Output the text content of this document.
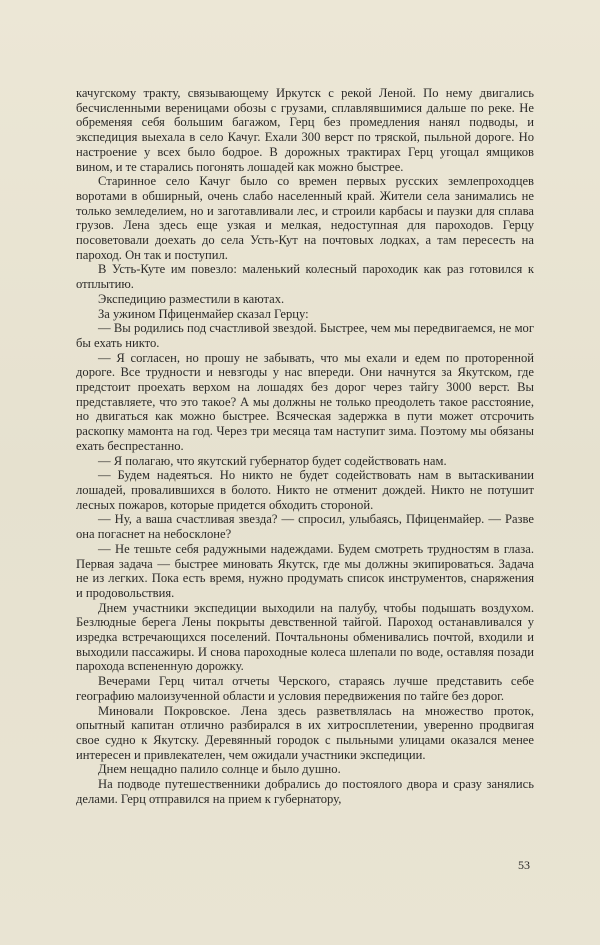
качугскому тракту, связывающему Иркутск с рекой Леной. По нему двигались бесчисленными вереницами обозы с грузами, сплавлявшимися дальше по реке. Не обременяя себя большим багажом, Герц без промедления нанял подводы, и экспедиция выехала в село Качуг. Ехали 300 верст по тряской, пыльной дороге. Но настроение у всех было бодрое. В дорожных трактирах Герц угощал ямщиков вином, и те старались погонять лошадей как можно быстрее.

Старинное село Качуг было со времен первых русских землепроходцев воротами в обширный, очень слабо населенный край. Жители села занимались не только земледелием, но и заготавливали лес, и строили карбасы и паузки для сплава грузов. Лена здесь еще узкая и мелкая, недоступная для пароходов. Герцу посоветовали доехать до села Усть-Кут на почтовых лодках, а там пересесть на пароход. Он так и поступил.

В Усть-Куте им повезло: маленький колесный пароходик как раз готовился к отплытию.

Экспедицию разместили в каютах.

За ужином Пфиценмайер сказал Герцу:

— Вы родились под счастливой звездой. Быстрее, чем мы передвигаемся, не мог бы ехать никто.

— Я согласен, но прошу не забывать, что мы ехали и едем по проторенной дороге. Все трудности и невзгоды у нас впереди. Они начнутся за Якутском, где предстоит проехать верхом на лошадях без дорог через тайгу 3000 верст. Вы представляете, что это такое? А мы должны не только преодолеть такое расстояние, но двигаться как можно быстрее. Всяческая задержка в пути может отсрочить раскопку мамонта на год. Через три месяца там наступит зима. Поэтому мы обязаны ехать беспрестанно.

— Я полагаю, что якутский губернатор будет содействовать нам.

— Будем надеяться. Но никто не будет содействовать нам в вытаскивании лошадей, провалившихся в болото. Никто не отменит дождей. Никто не потушит лесных пожаров, которые придется обходить стороной.

— Ну, а ваша счастливая звезда? — спросил, улыбаясь, Пфиценмайер. — Разве она погаснет на небосклоне?

— Не тешьте себя радужными надеждами. Будем смотреть трудностям в глаза. Первая задача — быстрее миновать Якутск, где мы должны экипироваться. Задача не из легких. Пока есть время, нужно продумать список инструментов, снаряжения и продовольствия.

Днем участники экспедиции выходили на палубу, чтобы подышать воздухом. Безлюдные берега Лены покрыты девственной тайгой. Пароход останавливался у изредка встречающихся поселений. Почтальноны обменивались почтой, входили и выходили пассажиры. И снова пароходные колеса шлепали по воде, оставляя позади парохода вспененную дорожку.

Вечерами Герц читал отчеты Черского, стараясь лучше представить себе географию малоизученной области и условия передвижения по тайге без дорог.

Миновали Покровское. Лена здесь разветвлялась на множество проток, опытный капитан отлично разбирался в их хитросплетении, уверенно продвигая свое судно к Якутску. Деревянный городок с пыльными улицами оказался менее интересен и привлекателен, чем ожидали участники экспедиции.

Днем нещадно палило солнце и было душно.

На подводе путешественники добрались до постоялого двора и сразу занялись делами. Герц отправился на прием к губернатору,

53
